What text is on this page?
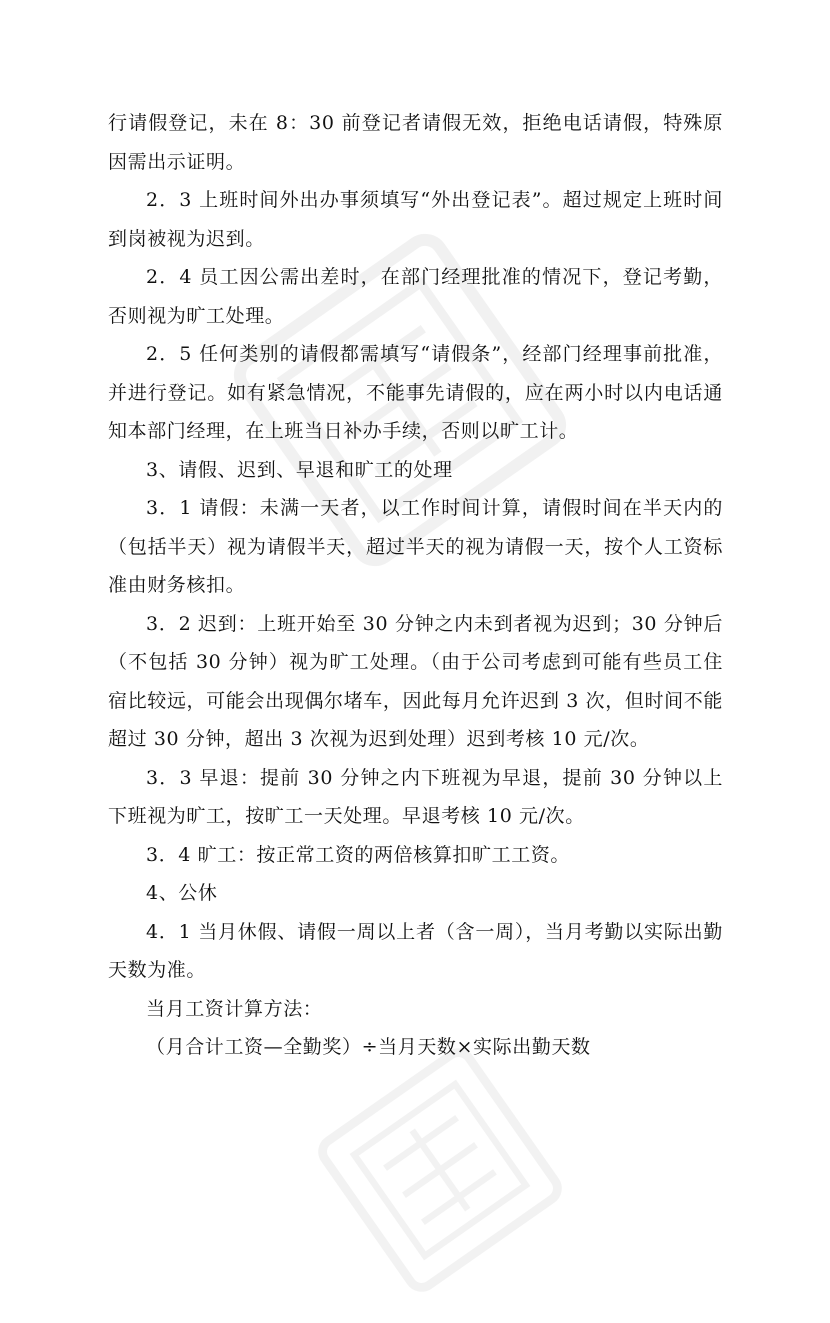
行请假登记，未在 8：30 前登记者请假无效，拒绝电话请假，特殊原因需出示证明。

2．3 上班时间外出办事须填写“外出登记表”。超过规定上班时间到岗被视为迟到。

2．4 员工因公需出差时，在部门经理批准的情况下，登记考勤，否则视为旷工处理。

2．5 任何类别的请假都需填写“请假条”，经部门经理事前批准，并进行登记。如有紧急情况，不能事先请假的，应在两小时以内电话通知本部门经理，在上班当日补办手续，否则以旷工计。

3、请假、迟到、早退和旷工的处理

3．1 请假：未满一天者，以工作时间计算，请假时间在半天内的（包括半天）视为请假半天，超过半天的视为请假一天，按个人工资标准由财务核扣。

3．2 迟到：上班开始至 30 分钟之内未到者视为迟到；30 分钟后（不包括 30 分钟）视为旷工处理。（由于公司考虑到可能有些员工住宿比较远，可能会出现偶尔堵车，因此每月允许迟到 3 次，但时间不能超过 30 分钟，超出 3 次视为迟到处理）迟到考核 10 元/次。

3．3 早退：提前 30 分钟之内下班视为早退，提前 30 分钟以上下班视为旷工，按旷工一天处理。早退考核 10 元/次。

3．4 旷工：按正常工资的两倍核算扣旷工工资。

4、公休

4．1 当月休假、请假一周以上者（含一周），当月考勤以实际出勤天数为准。

当月工资计算方法：

（月合计工资—全勤奖）÷当月天数×实际出勤天数
